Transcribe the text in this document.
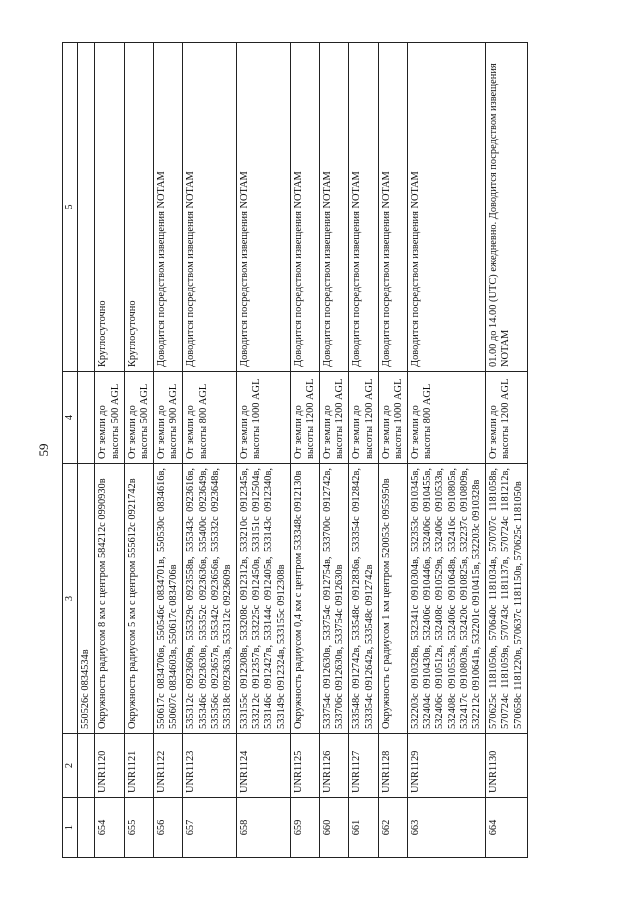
59
1	2	3	4	5
		550526с 0834534в		
654	UNR1120	Окружность радиусом 8 км с центром 584212с 0990930в	От земли до высоты 500 AGL	Круглосуточно
655	UNR1121	Окружность радиусом 5 км с центром 555612с 0921742в	От земли до высоты 500 AGL	Круглосуточно
656	UNR1122	550617с 0834706в, 550546с 0834701в, 550530с 0834616в, 550607с 0834603в, 550617с 0834706в	От земли до высоты 900 AGL	Доводится посредством извещения NOTAM
657	UNR1123	535312с 0923609в, 535329с 0923558в, 535343с 0923616в, 535346с 0923630в, 535352с 0923636в, 535400с 0923649в, 535356с 0923657в, 535342с 0923656в, 535332с 0923648в, 535318с 0923633в, 535312с 0923609в	От земли до высоты 800 AGL	Доводится посредством извещения NOTAM
658	UNR1124	533155с 0912308в, 533208с 0912312в, 533210с 0912345в, 533212с 0912357в, 533225с 0912450в, 533151с 0912504в, 533146с 0912427в, 533144с 0912405в, 533143с 0912340в, 533149с 0912324в, 533155с 0912308в	От земли до высоты 1000 AGL	Доводится посредством извещения NOTAM
659	UNR1125	Окружность радиусом 0,4 км с центром 533348с 0912130в	От земли до высоты 1200 AGL	Доводится посредством извещения NOTAM
660	UNR1126	533754с 0912630в, 533754с 0912754в, 533700с 0912742в, 533706с 0912630в, 533754с 0912630в	От земли до высоты 1200 AGL	Доводится посредством извещения NOTAM
661	UNR1127	533548с 0912742в, 533548с 0912836в, 533354с 0912842в, 533354с 0912642в, 533548с 0912742в	От земли до высоты 1200 AGL	Доводится посредством извещения NOTAM
662	UNR1128	Окружность с радиусом 1 км центром 520053с 0955950в	От земли до высоты 1000 AGL	Доводится посредством извещения NOTAM
663	UNR1129	532203с 0910328в, 532341с 0910304в, 532353с 0910345в, 532404с 0910430в, 532406с 0910446в, 532406с 0910455в, 532406с 0910512в, 532408с 0910529в, 532406с 0910533в, 532408с 0910553в, 532406с 0910648в, 532416с 0910805в, 532417с 0910803в, 532420с 0910825в, 532237с 0910809в, 532212с 0910641в, 532201с 0910415в, 532203с 0910328в	От земли до высоты 800 AGL	Доводится посредством извещения NOTAM
664	UNR1130	570625с 1181050в, 570640с 1181034в, 570707с 1181058в, 570724с 1181059в, 570743с 1181137в, 570724с 1181212в, 570658с 1181220в, 570637с 1181150в, 570625с 1181050в	От земли до высоты 1200 AGL	01.00 до 14.00 (UTC) ежедневно. Доводится посредством извещения NOTAM
